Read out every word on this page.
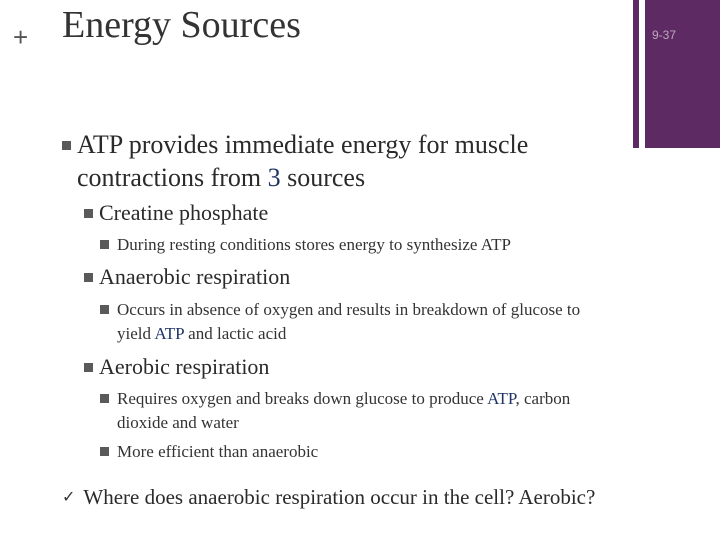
+ Energy Sources	9-37
ATP provides immediate energy for muscle
contractions from 3 sources
Creatine phosphate
During resting conditions stores energy to synthesize ATP
Anaerobic respiration
Occurs in absence of oxygen and results in breakdown of glucose to
yield ATP and lactic acid
Aerobic respiration
Requires oxygen and breaks down glucose to produce ATP, carbon
dioxide and water
More efficient than anaerobic
✓ Where does anaerobic respiration occur in the cell? Aerobic?
